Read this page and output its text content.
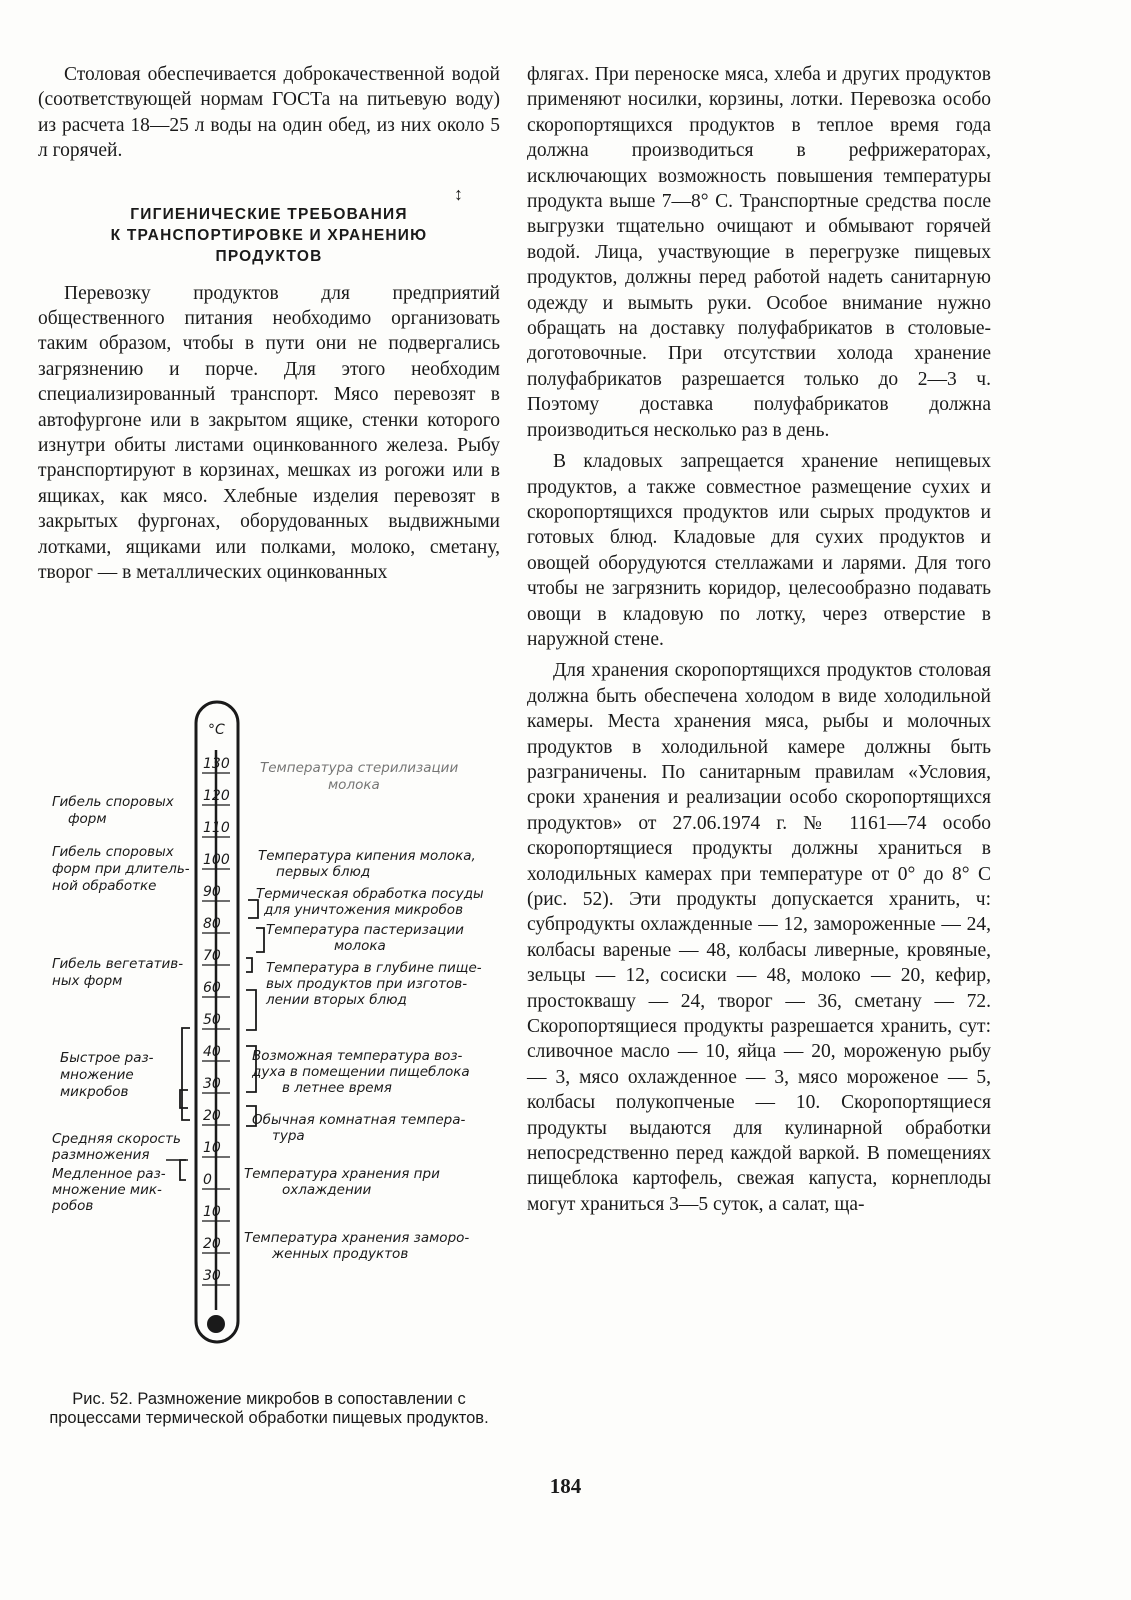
Столовая обеспечивается доброкачественной водой (соответствующей нормам ГОСТа на питьевую воду) из расчета 18—25 л воды на один обед, из них около 5 л горячей.

ГИГИЕНИЧЕСКИЕ ТРЕБОВАНИЯ
К ТРАНСПОРТИРОВКЕ И ХРАНЕНИЮ
ПРОДУКТОВ

Перевозку продуктов для предприятий общественного питания необходимо организовать таким образом, чтобы в пути они не подвергались загрязнению и порче. Для этого необходим специализированный транспорт. Мясо перевозят в автофургоне или в закрытом ящике, стенки которого изнутри обиты листами оцинкованного железа. Рыбу транспортируют в корзинах, мешках из рогожи или в ящиках, как мясо. Хлебные изделия перевозят в закрытых фургонах, оборудованных выдвижными лотками, ящиками или полками, молоко, сметану, творог — в металлических оцинкованных

↕
°C
130
120
110
100
90
80
70
60
50
40
30
20
10
0
10
20
30
Гибель споровых форм
Гибель споровых форм при длитель-ной обработке
Гибель вегетатив-ных форм
Быстрое раз-множение микробов
Средняя скорость размножения
Медленное раз-множение мик-робов
Температура стерилизации молока
Температура кипения молока, первых блюд
Термическая обработка посуды для уничтожения микробов
Температура пастеризации молока
Температура в глубине пище-вых продуктов при изготов-лении вторых блюд
Возможная температура воз-духа в помещении пищеблока в летнее время
Обычная комнатная темпера-тура
Температура хранения при охлаждении
Температура хранения заморо-женных продуктов
Рис. 52. Размножение микробов в сопоставлении с процессами термической обработки пищевых продуктов.

флягах. При переноске мяса, хлеба и других продуктов применяют носилки, корзины, лотки. Перевозка особо скоропортящихся продуктов в теплое время года должна производиться в рефрижераторах, исключающих возможность повышения температуры продукта выше 7—8° С. Транспортные средства после выгрузки тщательно очищают и обмывают горячей водой. Лица, участвующие в перегрузке пищевых продуктов, должны перед работой надеть санитарную одежду и вымыть руки. Особое внимание нужно обращать на доставку полуфабрикатов в столовые-доготовочные. При отсутствии холода хранение полуфабрикатов разрешается только до 2—3 ч. Поэтому доставка полуфабрикатов должна производиться несколько раз в день.

В кладовых запрещается хранение непищевых продуктов, а также совместное размещение сухих и скоропортящихся продуктов или сырых продуктов и готовых блюд. Кладовые для сухих продуктов и овощей оборудуются стеллажами и ларями. Для того чтобы не загрязнить коридор, целесообразно подавать овощи в кладовую по лотку, через отверстие в наружной стене.

Для хранения скоропортящихся продуктов столовая должна быть обеспечена холодом в виде холодильной камеры. Места хранения мяса, рыбы и молочных продуктов в холодильной камере должны быть разграничены. По санитарным правилам «Условия, сроки хранения и реализации особо скоропортящихся продуктов» от 27.06.1974 г. № 1161—74 особо скоропортящиеся продукты должны храниться в холодильных камерах при температуре от 0° до 8° С (рис. 52). Эти продукты допускается хранить, ч: субпродукты охлажденные — 12, замороженные — 24, колбасы вареные — 48, колбасы ливерные, кровяные, зельцы — 12, сосиски — 48, молоко — 20, кефир, простоквашу — 24, творог — 36, сметану — 72. Скоропортящиеся продукты разрешается хранить, сут: сливочное масло — 10, яйца — 20, мороженую рыбу — 3, мясо охлажденное — 3, мясо мороженое — 5, колбасы полукопченые — 10. Скоропортящиеся продукты выдаются для кулинарной обработки непосредственно перед каждой варкой. В помещениях пищеблока картофель, свежая капуста, корнеплоды могут храниться 3—5 суток, а салат, ща-

184
